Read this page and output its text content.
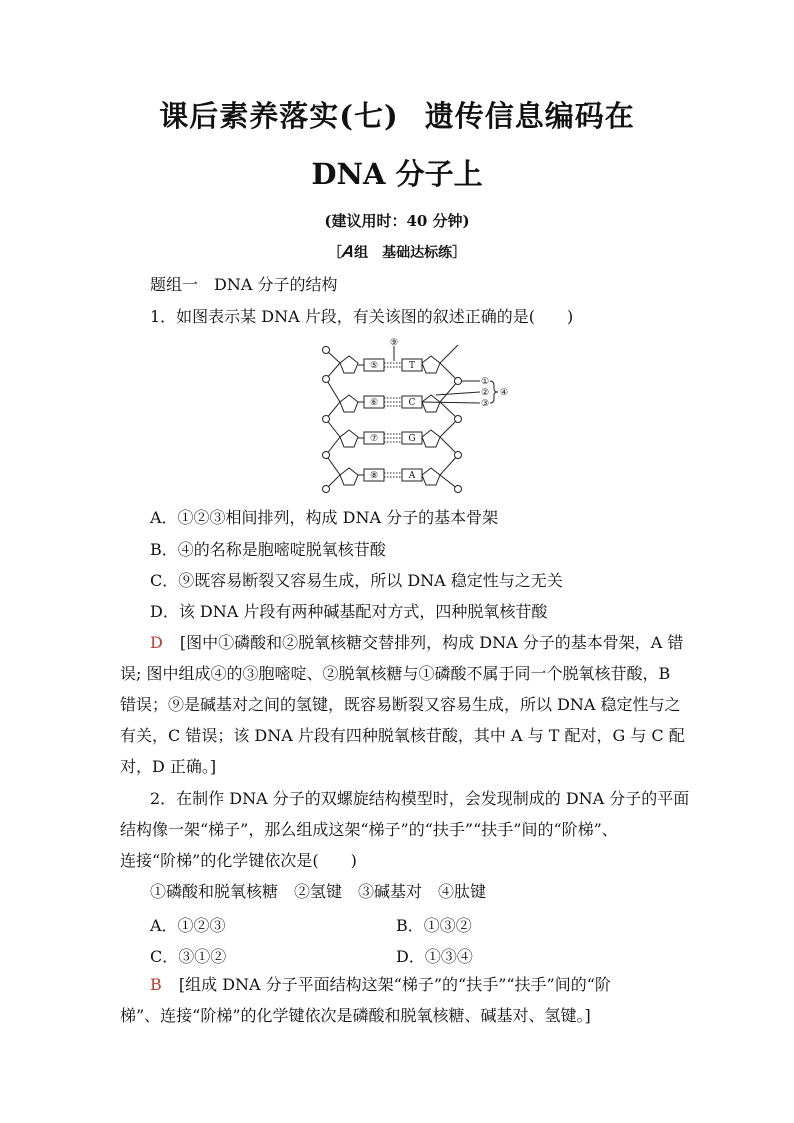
课后素养落实(七) 遗传信息编码在
DNA 分子上
(建议用时：40 分钟)
［A组　基础达标练］
题组一　DNA 分子的结构
1．如图表示某 DNA 片段，有关该图的叙述正确的是(　　)
⑤
⑥
⑦
⑧
T
C
G
A
⑨
①
②
③
④
A．①②③相间排列，构成 DNA 分子的基本骨架
B．④的名称是胞嘧啶脱氧核苷酸
C．⑨既容易断裂又容易生成，所以 DNA 稳定性与之无关
D．该 DNA 片段有两种碱基配对方式，四种脱氧核苷酸
D [图中①磷酸和②脱氧核糖交替排列，构成 DNA 分子的基本骨架，A 错
误; 图中组成④的③胞嘧啶、②脱氧核糖与①磷酸不属于同一个脱氧核苷酸，B
错误；⑨是碱基对之间的氢键，既容易断裂又容易生成，所以 DNA 稳定性与之
有关，C 错误；该 DNA 片段有四种脱氧核苷酸，其中 A 与 T 配对，G 与 C 配
对，D 正确。]
2．在制作 DNA 分子的双螺旋结构模型时，会发现制成的 DNA 分子的平面
结构像一架“梯子”，那么组成这架“梯子”的“扶手”“扶手”间的“阶梯”、
连接“阶梯”的化学键依次是(　　)
①磷酸和脱氧核糖　②氢键　③碱基对　④肽键
A．①②③	B．①③②
C．③①②	D．①③④
B [组成 DNA 分子平面结构这架“梯子”的“扶手”“扶手”间的“阶
梯”、连接“阶梯”的化学键依次是磷酸和脱氧核糖、碱基对、氢键。]
